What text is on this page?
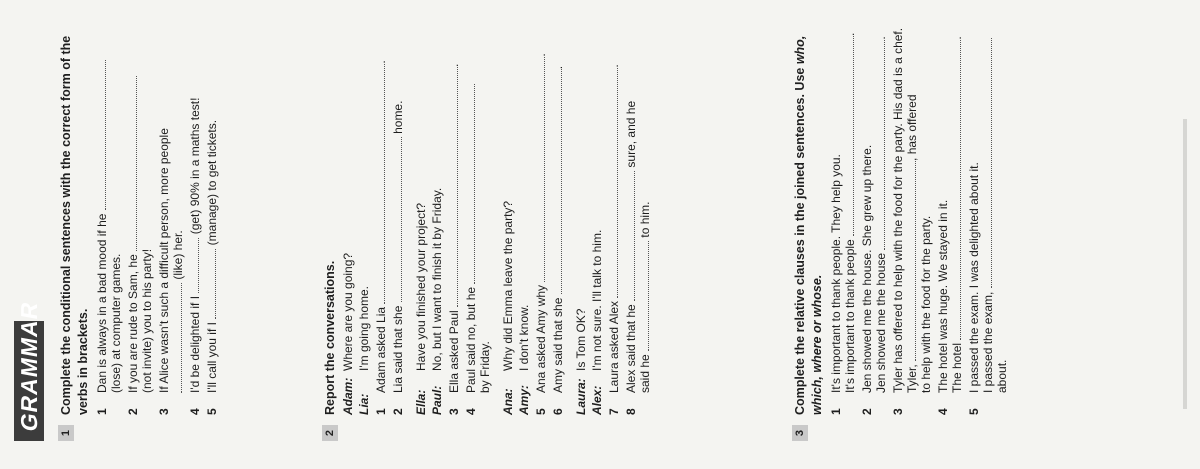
GRAMMAR 1
Complete the conditional sentences with the correct form of the verbs in brackets. 1
Dan is always in a bad mood if he
(lose) at computer games.
2
If you are rude to Sam, he
(not invite) you to his party!
3
If Alice wasn't such a difficult person, more people
(like) her.
4
I'd be delighted if I  (get) 90% in a maths test!
5
I'll call you if I  (manage) to get tickets.
2
Report the conversations. Adam:
Where are you going?
Lia:
I'm going home.
1
Adam asked Lia .
2
Lia said that she  home.
Ella:
Have you finished your project?
Paul:
No, but I want to finish it by Friday.
3
Ella asked Paul .
4
Paul said no, but he
by Friday.
Ana:
Why did Emma leave the party?
Amy:
I don't know.
5
Ana asked Amy why .
6
Amy said that she .
Laura:
Is Tom OK?
Alex:
I'm not sure. I'll talk to him.
7
Laura asked Alex .
8
Alex said that he  sure, and he
said he  to him.
3
Complete the relative clauses in the joined sentences. Use who, which, where or whose. 1
It's important to thank people. They help you.
It's important to thank people .
2
Jen showed me the house. She grew up there.
Jen showed me the house .
3
Tyler has offered to help with the food for the party. His dad is a chef.
Tyler, , has offered
to help with the food for the party.
4
The hotel was huge. We stayed in it.
The hotel .
5
I passed the exam. I was delighted about it.
I passed the exam,
about.
